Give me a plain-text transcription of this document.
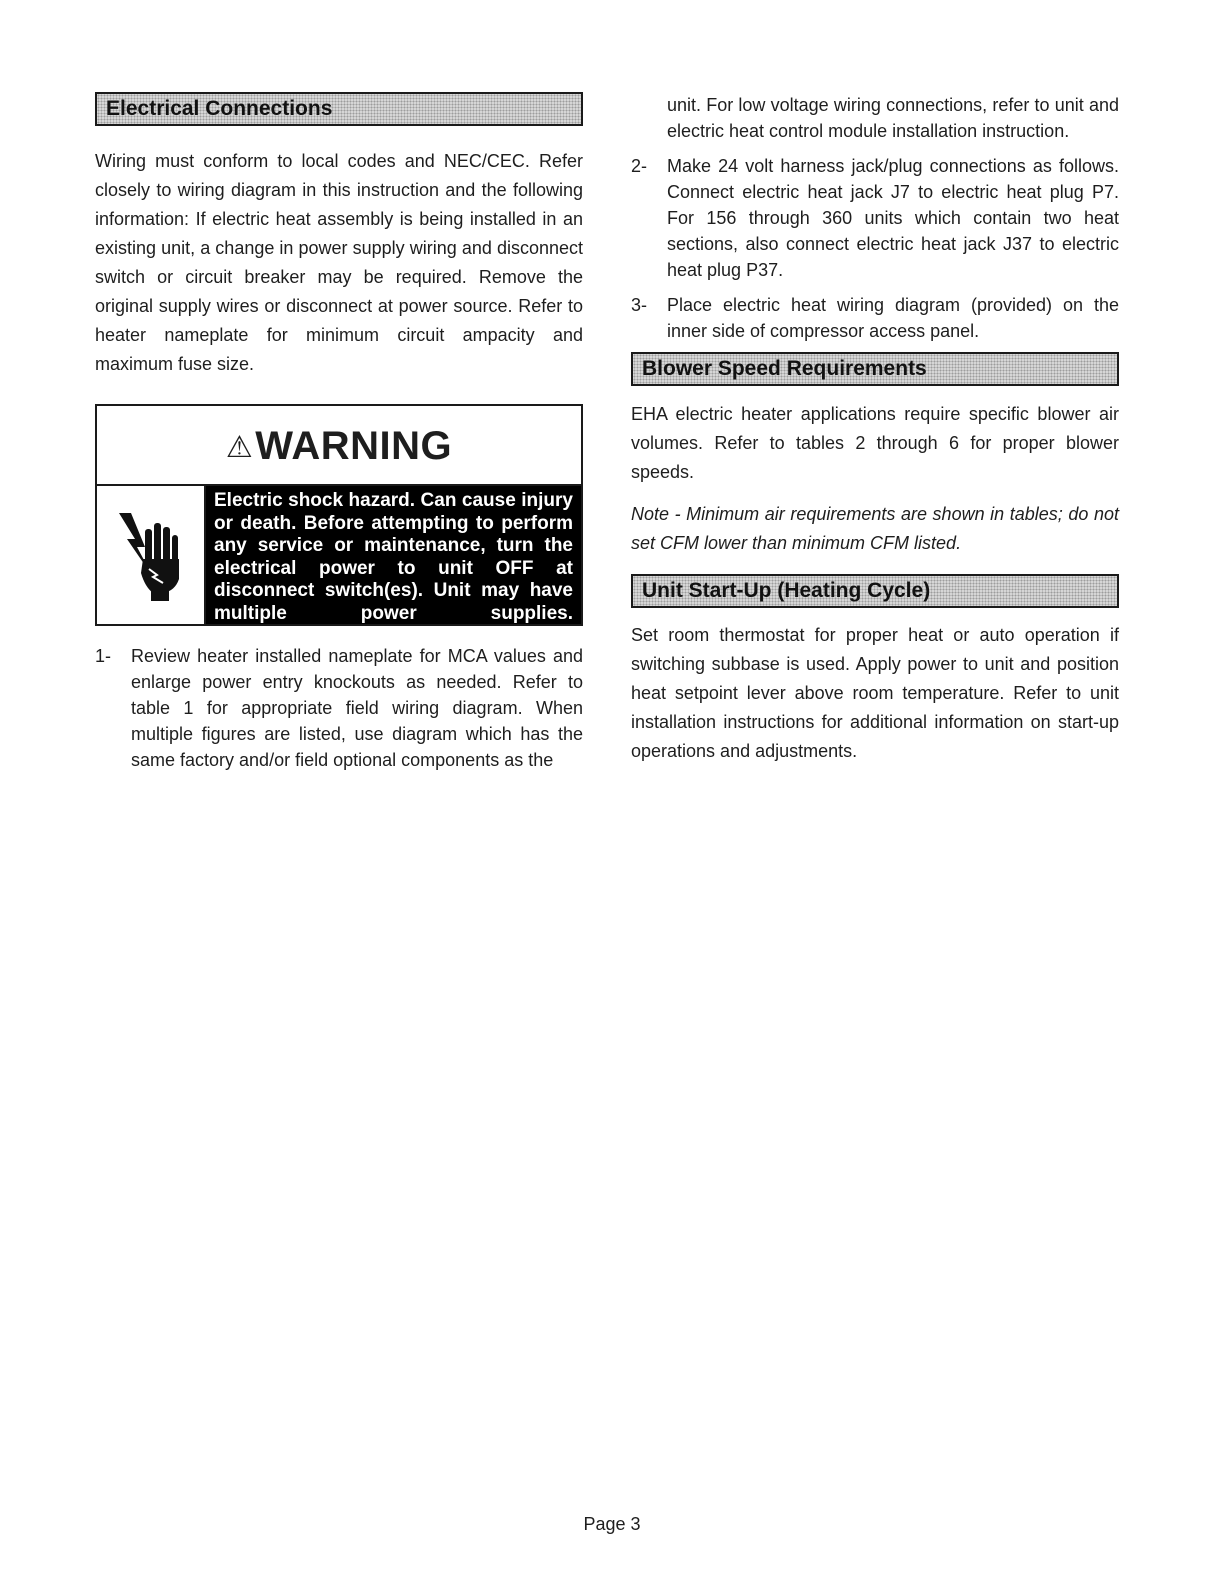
Electrical Connections

Wiring must conform to local codes and NEC/CEC. Refer closely to wiring diagram in this instruction and the following information: If electric heat assembly is being installed in an existing unit, a change in power supply wiring and disconnect switch or circuit breaker may be required. Remove the original supply wires or disconnect at power source. Refer to heater nameplate for minimum circuit ampacity and maximum fuse size.

⚠WARNING
Electric shock hazard. Can cause injury or death. Before attempting to perform any service or maintenance, turn the electrical power to unit OFF at disconnect switch(es). Unit may have multiple power supplies.
1-	Review heater installed nameplate for MCA values and enlarge power entry knockouts as needed. Refer to table 1 for appropriate field wiring diagram. When multiple figures are listed, use diagram which has the same factory and/or field optional components as the
unit. For low voltage wiring connections, refer to unit and electric heat control module installation instruction.
2-	Make 24 volt harness jack/plug connections as follows. Connect electric heat jack J7 to electric heat plug P7. For 156 through 360 units which contain two heat sections, also connect electric heat jack J37 to electric heat plug P37.
3-	Place electric heat wiring diagram (provided) on the inner side of compressor access panel.
Blower Speed Requirements

EHA electric heater applications require specific blower air volumes. Refer to tables 2 through 6 for proper blower speeds.

Note - Minimum air requirements are shown in tables; do not set CFM lower than minimum CFM listed.

Unit Start-Up (Heating Cycle)

Set room thermostat for proper heat or auto operation if switching subbase is used. Apply power to unit and position heat setpoint lever above room temperature. Refer to unit installation instructions for additional information on start-up operations and adjustments.

Page 3
